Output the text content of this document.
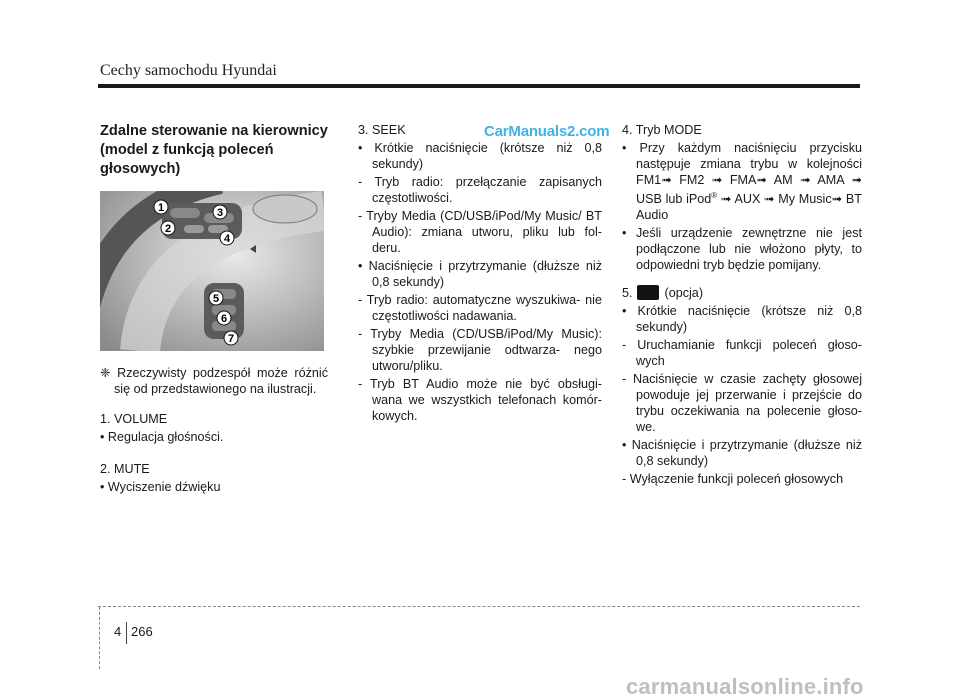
Cechy samochodu Hyundai
CarManuals2.com
Zdalne sterowanie na kierownicy (model z funkcją poleceń głosowych)
1
2
3
4
5
6
7

❈ Rzeczywisty podzespół może różnić się od przedstawionego na ilustracji.

1. VOLUME

• Regulacja głośności.

2. MUTE

• Wyciszenie dźwięku

3. SEEK

• Krótkie naciśnięcie (krótsze niż 0,8 sekundy)

- Tryb radio: przełączanie zapisanych częstotliwości.

- Tryby Media (CD/USB/iPod/My Music/ BT Audio): zmiana utworu, pliku lub fol- deru.

• Naciśnięcie i przytrzymanie (dłuższe niż 0,8 sekundy)

- Tryb radio: automatyczne wyszukiwa- nie częstotliwości nadawania.

- Tryby Media (CD/USB/iPod/My Music): szybkie przewijanie odtwarza- nego utworu/pliku.

- Tryb BT Audio może nie być obsługi- wana we wszystkich telefonach komór- kowych.

4. Tryb MODE

• Przy każdym naciśnięciu przycisku następuje zmiana trybu w kolejności FM1➟ FM2 ➟ FMA➟ AM ➟ AMA ➟ USB lub iPod® ➟ AUX ➟ My Music➟ BT Audio

• Jeśli urządzenie zewnętrzne nie jest podłączone lub nie włożono płyty, to odpowiedni tryb będzie pomijany.

5.	(opcja)

• Krótkie naciśnięcie (krótsze niż 0,8 sekundy)

- Uruchamianie funkcji poleceń głoso- wych

- Naciśnięcie w czasie zachęty głosowej powoduje jej przerwanie i przejście do trybu oczekiwania na polecenie głoso- we.

• Naciśnięcie i przytrzymanie (dłuższe niż 0,8 sekundy)

- Wyłączenie funkcji poleceń głosowych

4 266
carmanualsonline.info
